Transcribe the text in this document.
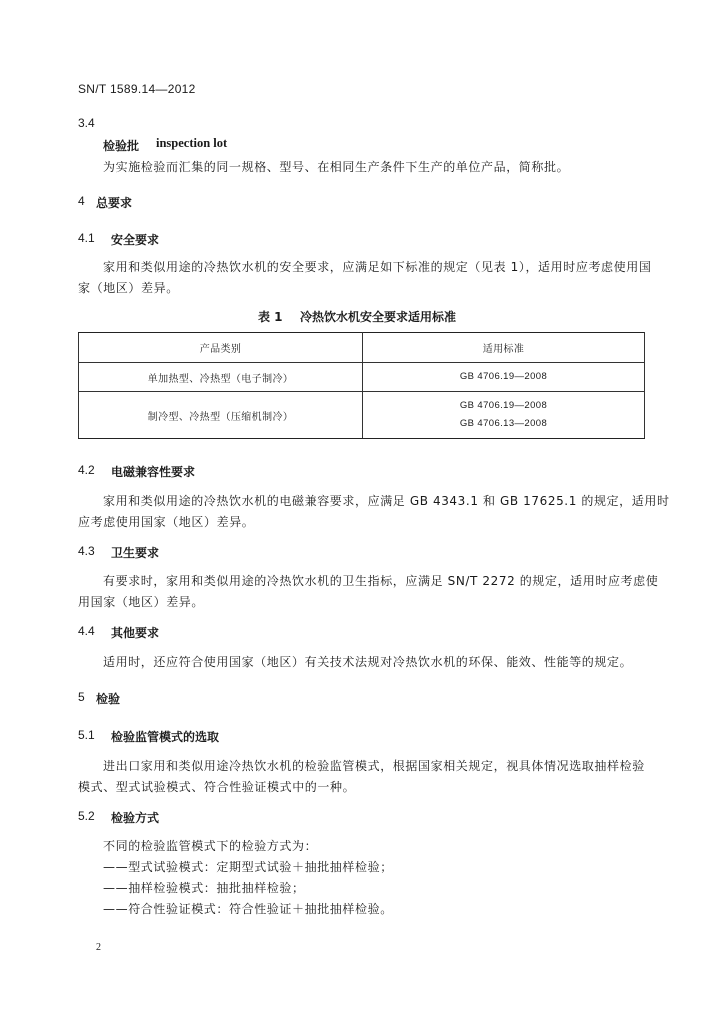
SN/T 1589.14—2012
3.4
检验批 inspection lot
为实施检验而汇集的同一规格、型号、在相同生产条件下生产的单位产品，简称批。
4 总要求
4.1 安全要求
家用和类似用途的冷热饮水机的安全要求，应满足如下标准的规定（见表 1），适用时应考虑使用国
家（地区）差异。
表 1 冷热饮水机安全要求适用标准
产品类别	适用标准
单加热型、冷热型（电子制冷）	GB 4706.19—2008

制冷型、冷热型（压缩机制冷）	GB 4706.19—2008
GB 4706.13—2008
4.2 电磁兼容性要求
家用和类似用途的冷热饮水机的电磁兼容要求，应满足 GB 4343.1 和 GB 17625.1 的规定，适用时
应考虑使用国家（地区）差异。
4.3 卫生要求
有要求时，家用和类似用途的冷热饮水机的卫生指标，应满足 SN/T 2272 的规定，适用时应考虑使
用国家（地区）差异。
4.4 其他要求
适用时，还应符合使用国家（地区）有关技术法规对冷热饮水机的环保、能效、性能等的规定。
5 检验
5.1 检验监管模式的选取
进出口家用和类似用途冷热饮水机的检验监管模式，根据国家相关规定，视具体情况选取抽样检验
模式、型式试验模式、符合性验证模式中的一种。
5.2 检验方式
不同的检验监管模式下的检验方式为：
——型式试验模式：定期型式试验＋抽批抽样检验；
——抽样检验模式：抽批抽样检验；
——符合性验证模式：符合性验证＋抽批抽样检验。
2
